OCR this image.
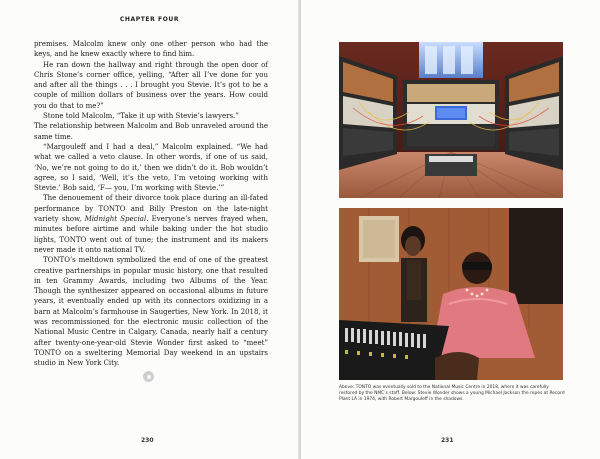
CHAPTER FOUR

premises. Malcolm knew only one other person who had the keys, and he knew exactly where to find him.

He ran down the hallway and right through the open door of Chris Stone’s corner office, yelling, “After all I’ve done for you and after all the things . . . I brought you Stevie. It’s got to be a couple of million dollars of business over the years. How could you do that to me?”

Stone told Malcolm, “Take it up with Stevie’s lawyers.”

The relationship between Malcolm and Bob unraveled around the same time.

“Margouleff and I had a deal,” Malcolm explained. “We had what we called a veto clause. In other words, if one of us said, ‘No, we’re not going to do it,’ then we didn’t do it. Bob wouldn’t agree, so I said, ‘Well, it’s the veto, I’m vetoing working with Stevie.’ Bob said, ‘F— you, I’m working with Stevie.’”

The denouement of their divorce took place during an ill-fated performance by TONTO and Billy Preston on the late-night variety show, Midnight Special. Everyone’s nerves frayed when, minutes before airtime and while baking under the hot studio lights, TONTO went out of tune; the instrument and its makers never made it onto national TV.

TONTO’s meltdown symbolized the end of one of the greatest creative partnerships in popular music history, one that resulted in ten Grammy Awards, including two Albums of the Year. Though the synthesizer appeared on occasional albums in future years, it eventually ended up with its connectors oxidizing in a barn at Malcolm’s farmhouse in Saugerties, New York. In 2018, it was recommissioned for the electronic music collection of the National Music Centre in Calgary, Canada, nearly half a century after twenty-one-year-old Stevie Wonder first asked to “meet” TONTO on a sweltering Memorial Day weekend in an upstairs studio in New York City.

230

Above: TONTO was eventually sold to the National Music Centre in 2018, where it was carefully restored by the NMC’s staff. Below: Stevie Wonder shows a young Michael Jackson the ropes at Record Plant LA in 1974, with Robert Margouleff in the shadows.

231
